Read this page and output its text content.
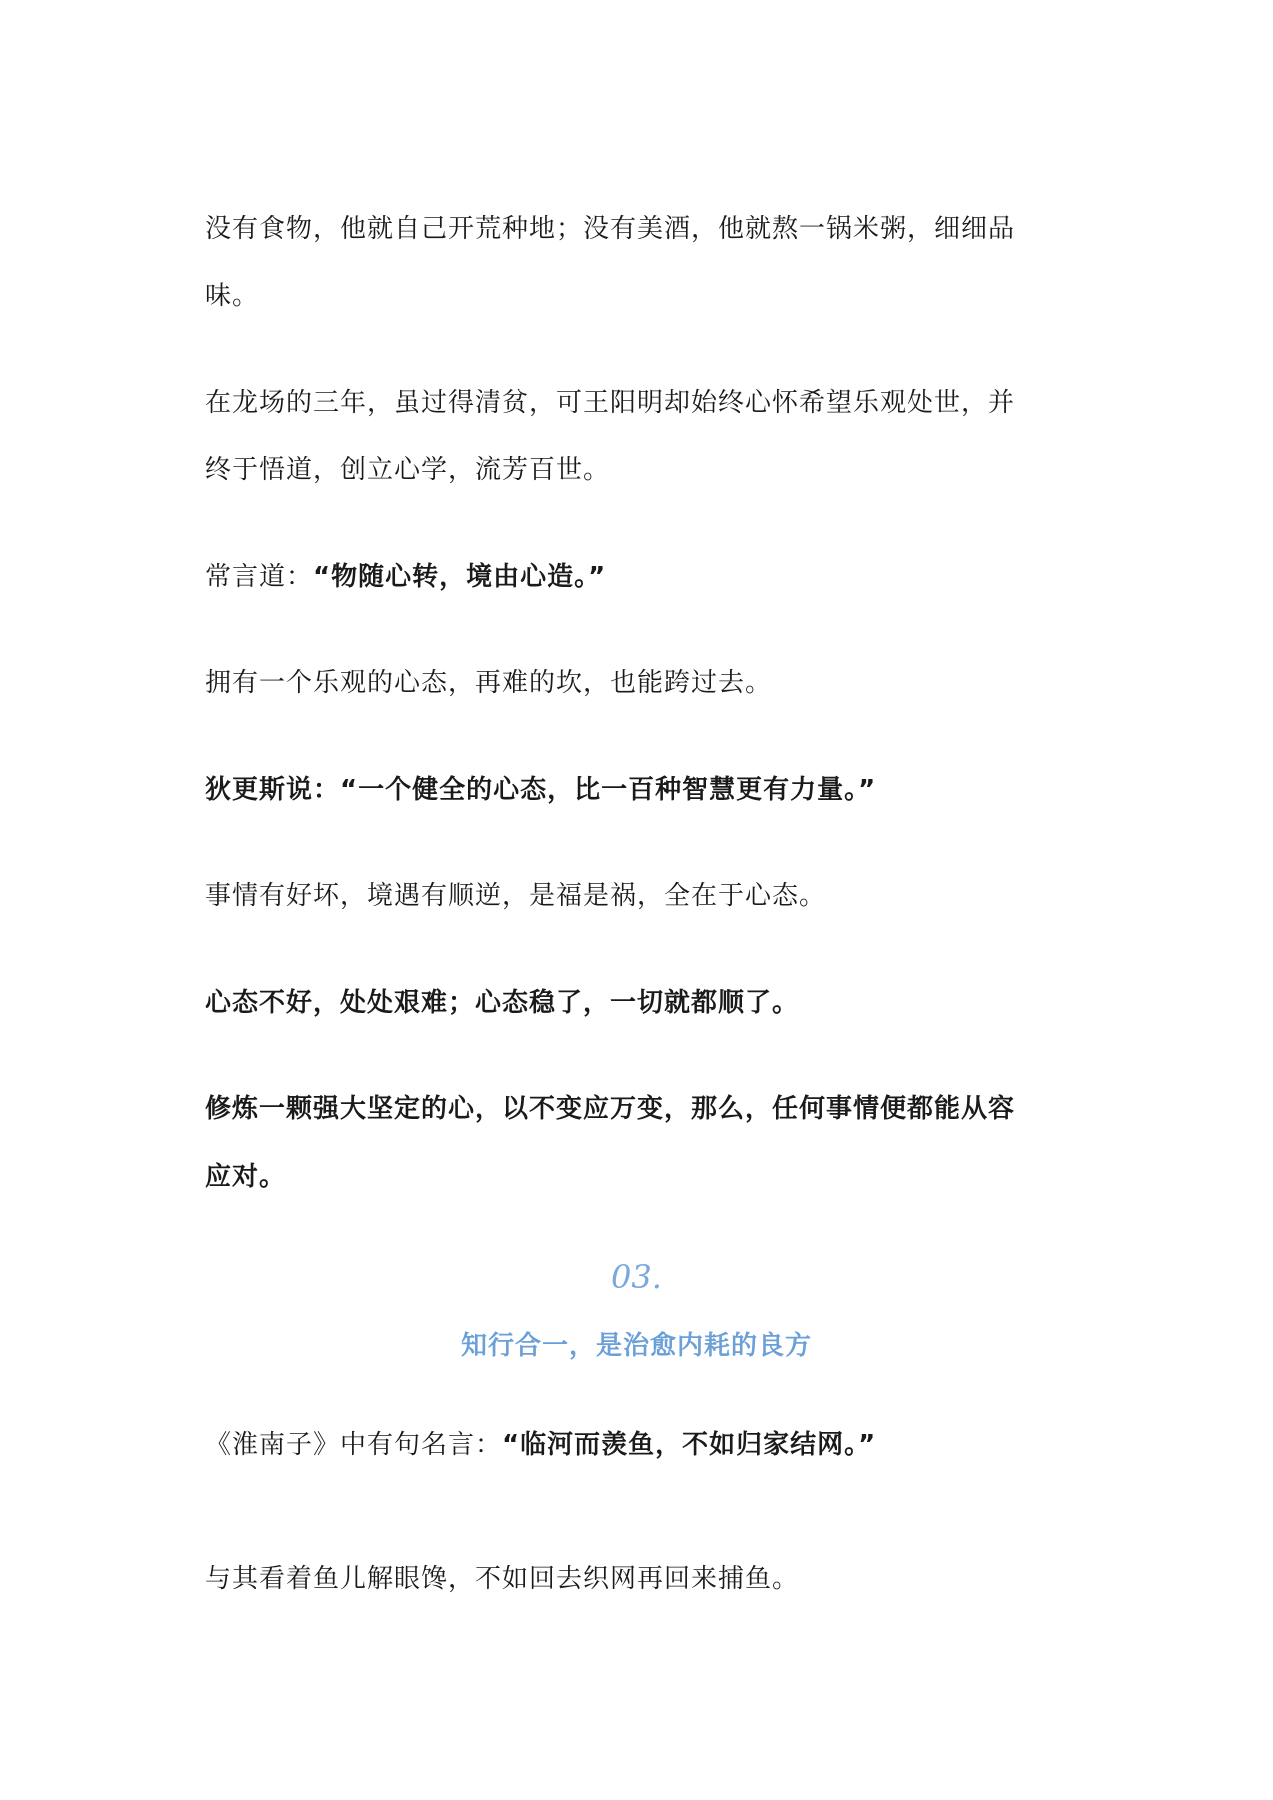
没有食物，他就自己开荒种地；没有美酒，他就熬一锅米粥，细细品
味。
在龙场的三年，虽过得清贫，可王阳明却始终心怀希望乐观处世，并
终于悟道，创立心学，流芳百世。
常言道：“物随心转，境由心造。”
拥有一个乐观的心态，再难的坎，也能跨过去。
狄更斯说：“一个健全的心态，比一百种智慧更有力量。”
事情有好坏，境遇有顺逆，是福是祸，全在于心态。
心态不好，处处艰难；心态稳了，一切就都顺了。
修炼一颗强大坚定的心，以不变应万变，那么，任何事情便都能从容
应对。
03.
知行合一，是治愈内耗的良方
《淮南子》中有句名言：“临河而羡鱼，不如归家结网。”
与其看着鱼儿解眼馋，不如回去织网再回来捕鱼。
